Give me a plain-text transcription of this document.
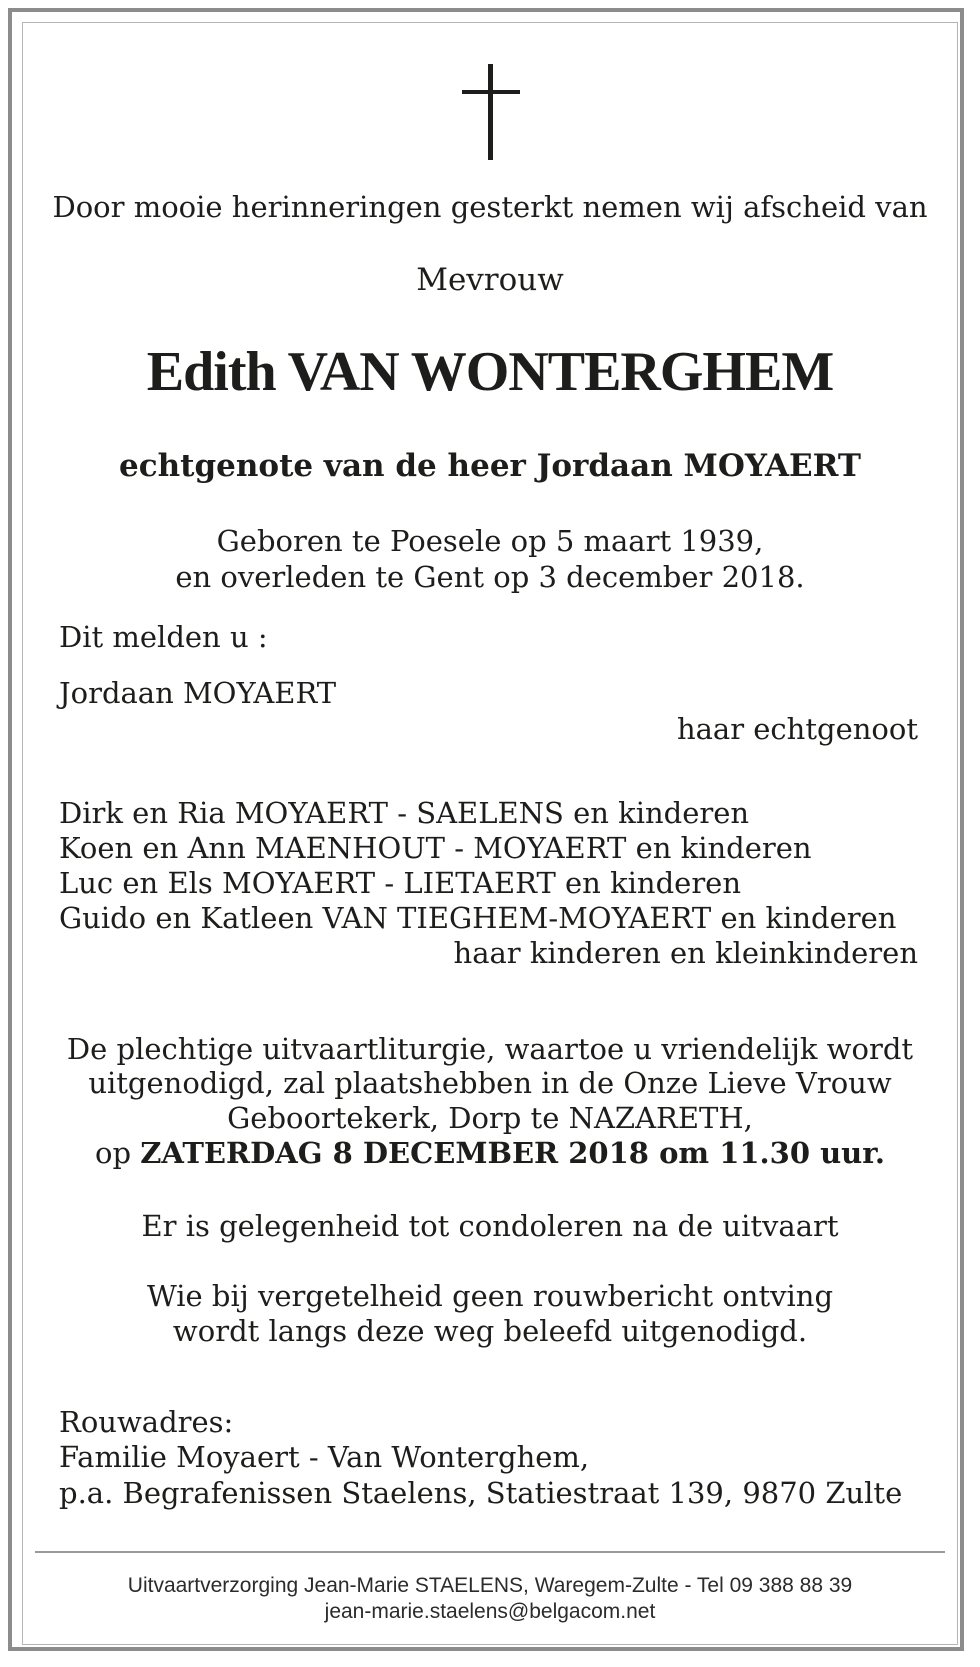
Door mooie herinneringen gesterkt nemen wij afscheid van

Mevrouw

Edith VAN WONTERGHEM

echtgenote van de heer Jordaan MOYAERT

Geboren te Poesele op 5 maart 1939,

en overleden te Gent op 3 december 2018.

Dit melden u :

Jordaan MOYAERT

haar echtgenoot

Dirk en Ria MOYAERT - SAELENS en kinderen

Koen en Ann MAENHOUT - MOYAERT en kinderen

Luc en Els MOYAERT - LIETAERT en kinderen

Guido en Katleen VAN TIEGHEM-MOYAERT en kinderen

haar kinderen en kleinkinderen

De plechtige uitvaartliturgie, waartoe u vriendelijk wordt

uitgenodigd, zal plaatshebben in de Onze Lieve Vrouw

Geboortekerk, Dorp te NAZARETH,

op ZATERDAG 8 DECEMBER 2018 om 11.30 uur.

Er is gelegenheid tot condoleren na de uitvaart

Wie bij vergetelheid geen rouwbericht ontving

wordt langs deze weg beleefd uitgenodigd.

Rouwadres:

Familie Moyaert - Van Wonterghem,

p.a. Begrafenissen Staelens, Statiestraat 139, 9870 Zulte

Uitvaartverzorging Jean-Marie STAELENS, Waregem-Zulte - Tel 09 388 88 39

jean-marie.staelens@belgacom.net
